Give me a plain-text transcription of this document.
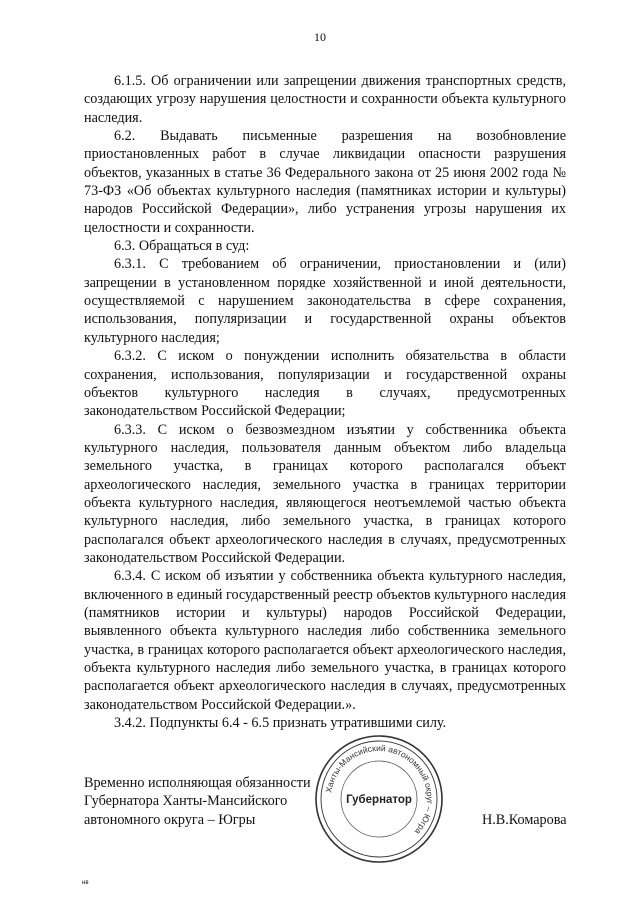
10

6.1.5. Об ограничении или запрещении движения транспортных средств, создающих угрозу нарушения целостности и сохранности объекта культурного наследия.

6.2. Выдавать письменные разрешения на возобновление приостановленных работ в случае ликвидации опасности разрушения объектов, указанных в статье 36 Федерального закона от 25 июня 2002 года № 73-ФЗ «Об объектах культурного наследия (памятниках истории и культуры) народов Российской Федерации», либо устранения угрозы нарушения их целостности и сохранности.

6.3. Обращаться в суд:

6.3.1. С требованием об ограничении, приостановлении и (или) запрещении в установленном порядке хозяйственной и иной деятельности, осуществляемой с нарушением законодательства в сфере сохранения, использования, популяризации и государственной охраны объектов культурного наследия;

6.3.2. С иском о понуждении исполнить обязательства в области сохранения, использования, популяризации и государственной охраны объектов культурного наследия в случаях, предусмотренных законодательством Российской Федерации;

6.3.3. С иском о безвозмездном изъятии у собственника объекта культурного наследия, пользователя данным объектом либо владельца земельного участка, в границах которого располагался объект археологического наследия, земельного участка в границах территории объекта культурного наследия, являющегося неотъемлемой частью объекта культурного наследия, либо земельного участка, в границах которого располагался объект археологического наследия в случаях, предусмотренных законодательством Российской Федерации.

6.3.4. С иском об изъятии у собственника объекта культурного наследия, включенного в единый государственный реестр объектов культурного наследия (памятников истории и культуры) народов Российской Федерации, выявленного объекта культурного наследия либо собственника земельного участка, в границах которого располагается объект археологического наследия, объекта культурного наследия либо земельного участка, в границах которого располагается объект археологического наследия в случаях, предусмотренных законодательством Российской Федерации.».

3.4.2. Подпункты 6.4 - 6.5 признать утратившими силу.

Временно исполняющая обязанности
Губернатора Ханты-Мансийского
автономного округа – Югры
Ханты-Мансийский автономный округ – Югра
Губернатор
Н.В.Комарова
нв
